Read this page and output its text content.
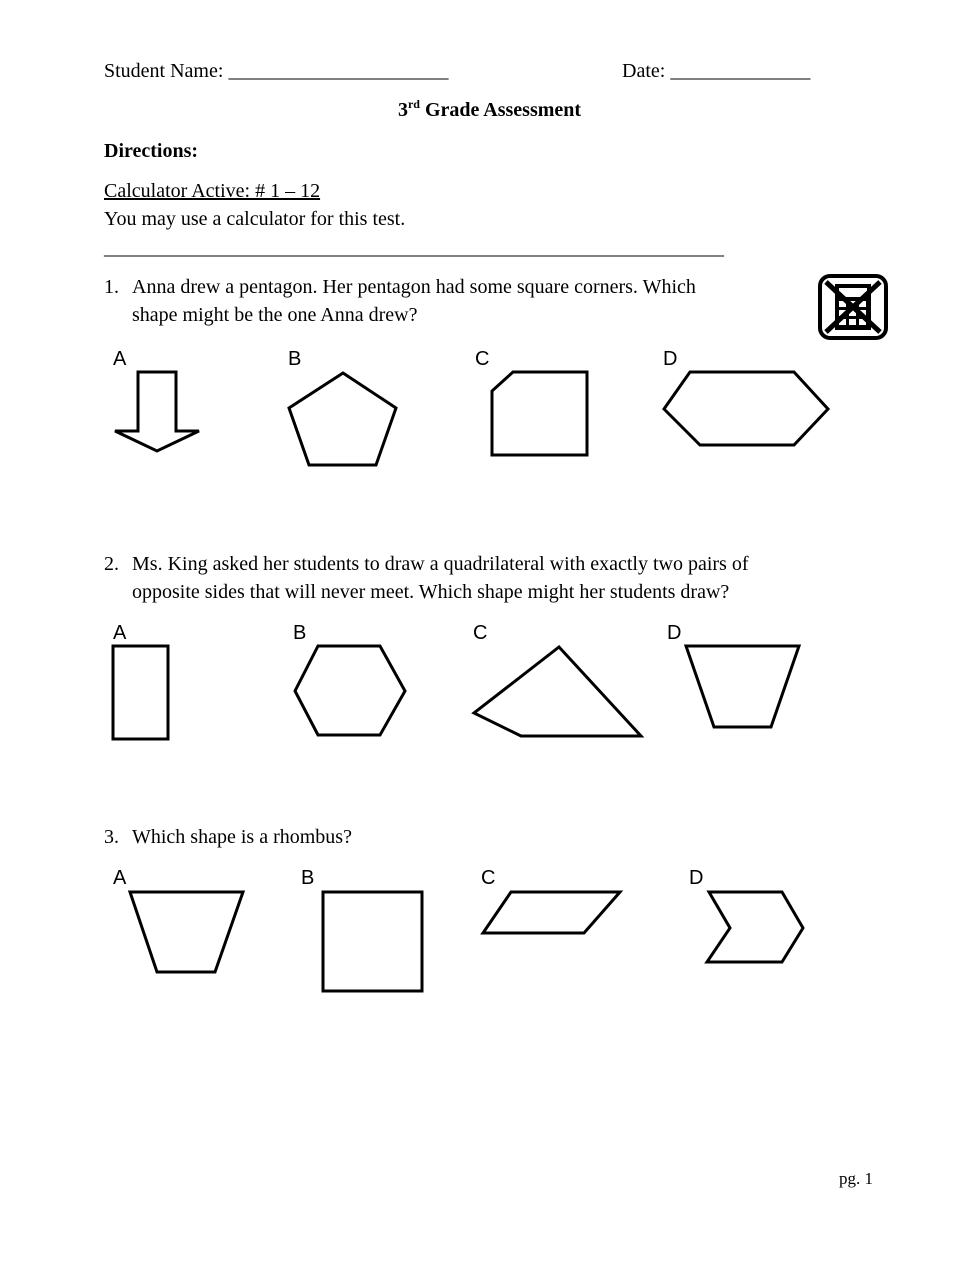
Student Name: ______________________	Date: ______________
3rd Grade Assessment
Directions:
Calculator Active: # 1 – 12
You may use a calculator for this test.
______________________________________________________________
1. Anna drew a pentagon. Her pentagon had some square corners. Which
shape might be the one Anna drew?
A	B	C	D
2. Ms. King asked her students to draw a quadrilateral with exactly two pairs of
opposite sides that will never meet. Which shape might her students draw?
A	B	C	D
3. Which shape is a rhombus?
A	B	C	D
pg. 1
